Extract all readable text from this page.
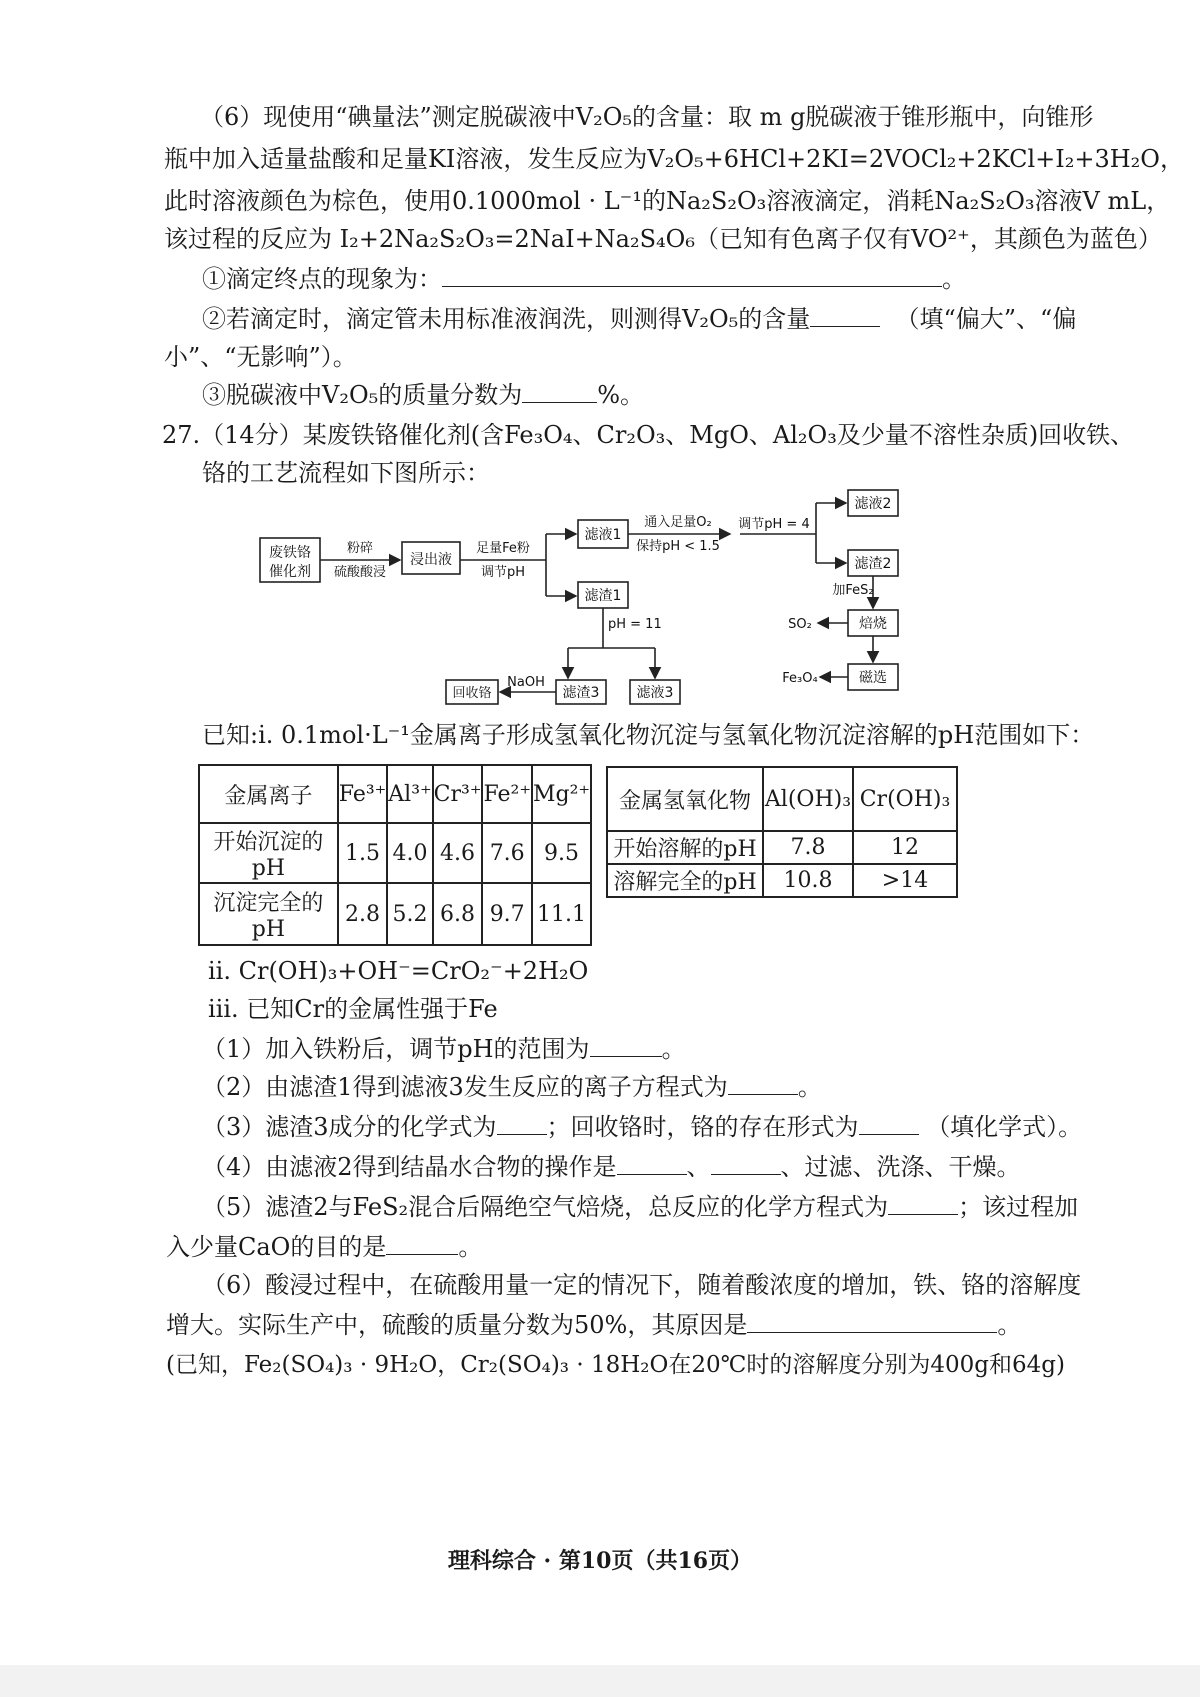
（6）现使用“碘量法”测定脱碳液中V₂O₅的含量：取 m g脱碳液于锥形瓶中，向锥形
瓶中加入适量盐酸和足量KI溶液，发生反应为V₂O₅+6HCl+2KI=2VOCl₂+2KCl+I₂+3H₂O，
此时溶液颜色为棕色，使用0.1000mol · L⁻¹的Na₂S₂O₃溶液滴定，消耗Na₂S₂O₃溶液V mL，
该过程的反应为 I₂+2Na₂S₂O₃=2NaI+Na₂S₄O₆（已知有色离子仅有VO²⁺，其颜色为蓝色）
①滴定终点的现象为：	。
②若滴定时，滴定管未用标准液润洗，则测得V₂O₅的含量	（填“偏大”、“偏
小”、“无影响”）。
③脱碳液中V₂O₅的质量分数为	%。
27.（14分）某废铁铬催化剂(含Fe₃O₄、Cr₂O₃、MgO、Al₂O₃及少量不溶性杂质)回收铁、
铬的工艺流程如下图所示：
废铁铬
催化剂
粉碎
硫酸酸浸
浸出液
足量Fe粉
调节pH
滤液1
滤渣1
通入足量O₂
保持pH < 1.5
调节pH = 4
滤液2
滤渣2
加FeS₂
SO₂	焙烧
Fe₃O₄	磁选
pH = 11
回收铬
NaOH
滤渣3	滤液3
已知:i. 0.1mol·L⁻¹金属离子形成氢氧化物沉淀与氢氧化物沉淀溶解的pH范围如下：
金属离子	Fe³⁺	Al³⁺	Cr³⁺	Fe²⁺	Mg²⁺
开始沉淀的pH	1.5	4.0	4.6	7.6	9.5
沉淀完全的pH	2.8	5.2	6.8	9.7	11.1
金属氢氧化物	Al(OH)₃	Cr(OH)₃
开始溶解的pH	7.8	12
溶解完全的pH	10.8	>14
ii. Cr(OH)₃+OH⁻=CrO₂⁻+2H₂O
ⅲ. 已知Cr的金属性强于Fe
（1）加入铁粉后，调节pH的范围为	。
（2）由滤渣1得到滤液3发生反应的离子方程式为	。
（3）滤渣3成分的化学式为 ；回收铬时，铬的存在形式为	（填化学式）。
（4）由滤液2得到结晶水合物的操作是	、	、过滤、洗涤、干燥。
（5）滤渣2与FeS₂混合后隔绝空气焙烧，总反应的化学方程式为	；该过程加
入少量CaO的目的是	。
（6）酸浸过程中，在硫酸用量一定的情况下，随着酸浓度的增加，铁、铬的溶解度
增大。实际生产中，硫酸的质量分数为50%，其原因是	。
(已知，Fe₂(SO₄)₃ · 9H₂O，Cr₂(SO₄)₃ · 18H₂O在20℃时的溶解度分别为400g和64g)
理科综合 · 第10页（共16页）
